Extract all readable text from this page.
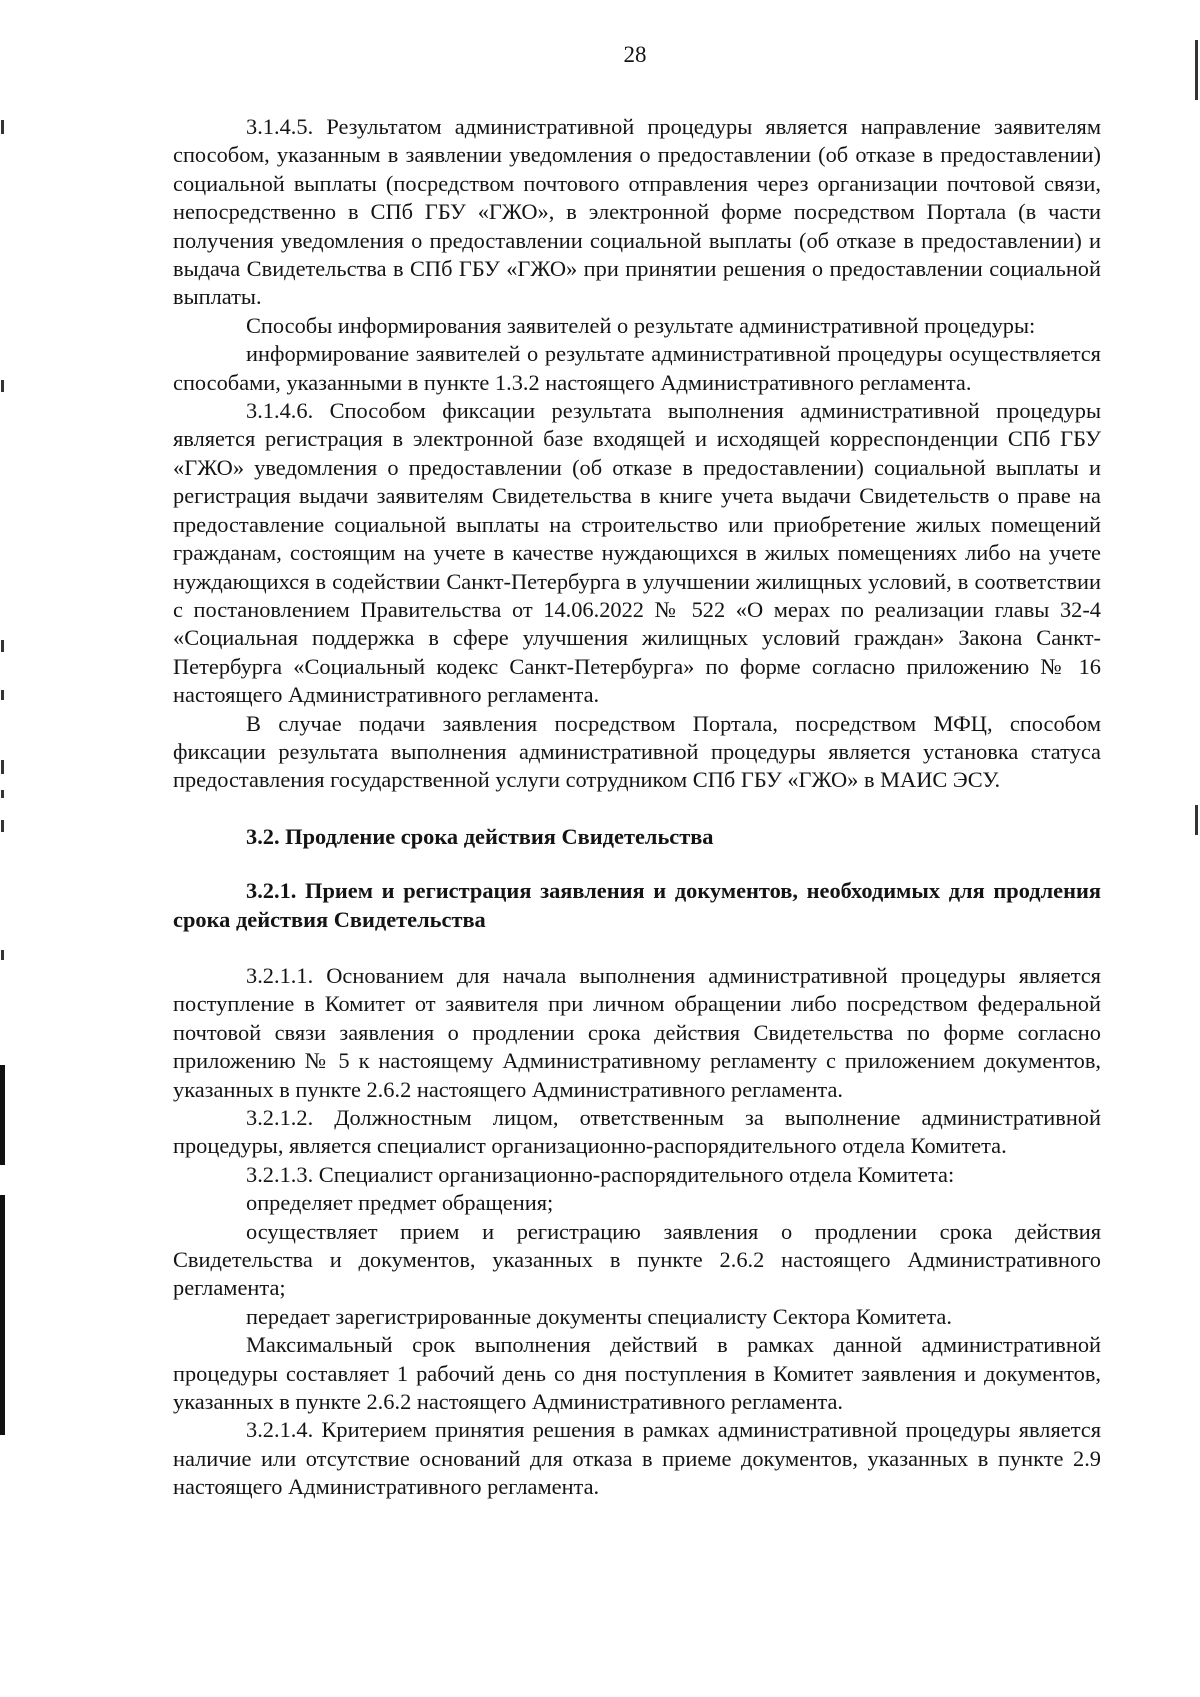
28

3.1.4.5. Результатом административной процедуры является направление заявителям способом, указанным в заявлении уведомления о предоставлении (об отказе в предоставлении) социальной выплаты (посредством почтового отправления через организации почтовой связи, непосредственно в СПб ГБУ «ГЖО», в электронной форме посредством Портала (в части получения уведомления о предоставлении социальной выплаты (об отказе в предоставлении) и выдача Свидетельства в СПб ГБУ «ГЖО» при принятии решения о предоставлении социальной выплаты.

Способы информирования заявителей о результате административной процедуры:

информирование заявителей о результате административной процедуры осуществляется способами, указанными в пункте 1.3.2 настоящего Административного регламента.

3.1.4.6. Способом фиксации результата выполнения административной процедуры является регистрация в электронной базе входящей и исходящей корреспонденции СПб ГБУ «ГЖО» уведомления о предоставлении (об отказе в предоставлении) социальной выплаты и регистрация выдачи заявителям Свидетельства в книге учета выдачи Свидетельств о праве на предоставление социальной выплаты на строительство или приобретение жилых помещений гражданам, состоящим на учете в качестве нуждающихся в жилых помещениях либо на учете нуждающихся в содействии Санкт-Петербурга в улучшении жилищных условий, в соответствии с постановлением Правительства от 14.06.2022 № 522 «О мерах по реализации главы 32-4 «Социальная поддержка в сфере улучшения жилищных условий граждан» Закона Санкт-Петербурга «Социальный кодекс Санкт-Петербурга» по форме согласно приложению № 16 настоящего Административного регламента.

В случае подачи заявления посредством Портала, посредством МФЦ, способом фиксации результата выполнения административной процедуры является установка статуса предоставления государственной услуги сотрудником СПб ГБУ «ГЖО» в МАИС ЭСУ.

3.2. Продление срока действия Свидетельства
3.2.1. Прием и регистрация заявления и документов, необходимых для продления срока действия Свидетельства

3.2.1.1. Основанием для начала выполнения административной процедуры является поступление в Комитет от заявителя при личном обращении либо посредством федеральной почтовой связи заявления о продлении срока действия Свидетельства по форме согласно приложению № 5 к настоящему Административному регламенту с приложением документов, указанных в пункте 2.6.2 настоящего Административного регламента.

3.2.1.2. Должностным лицом, ответственным за выполнение административной процедуры, является специалист организационно-распорядительного отдела Комитета.

3.2.1.3. Специалист организационно-распорядительного отдела Комитета:

определяет предмет обращения;

осуществляет прием и регистрацию заявления о продлении срока действия Свидетельства и документов, указанных в пункте 2.6.2 настоящего Административного регламента;

передает зарегистрированные документы специалисту Сектора Комитета.

Максимальный срок выполнения действий в рамках данной административной процедуры составляет 1 рабочий день со дня поступления в Комитет заявления и документов, указанных в пункте 2.6.2 настоящего Административного регламента.

3.2.1.4. Критерием принятия решения в рамках административной процедуры является наличие или отсутствие оснований для отказа в приеме документов, указанных в пункте 2.9 настоящего Административного регламента.
